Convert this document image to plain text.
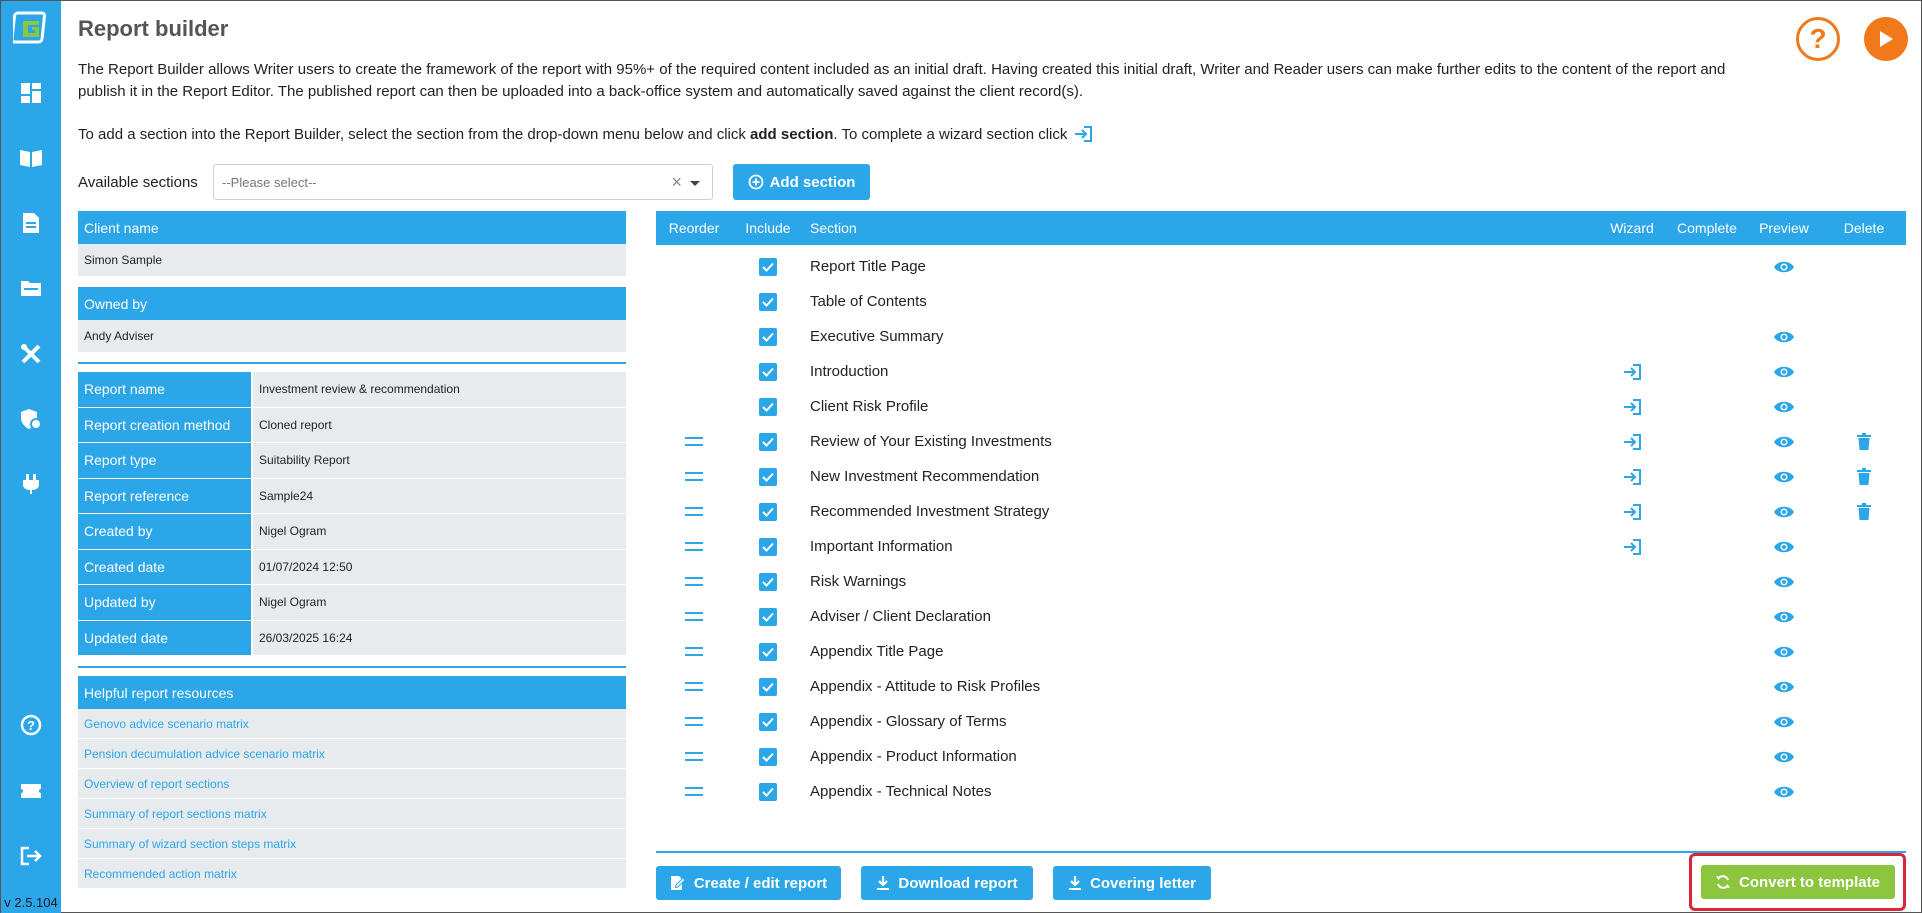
?
v 2.5.104
Report builder	?
The Report Builder allows Writer users to create the framework of the report with 95%+ of the required content included as an initial draft. Having created this initial draft, Writer and Reader users can make further edits to the content of the report and publish it in the Report Editor. The published report can then be uploaded into a back-office system and automatically saved against the client record(s).
To add a section into the Report Builder, select the section from the drop-down menu below and click add section. To complete a wizard section click
Available sections	--Please select--	×	Add section
Client name
Simon Sample
Owned by
Andy Adviser
Report name	Investment review & recommendation
Report creation method	Cloned report
Report type	Suitability Report
Report reference	Sample24
Created by	Nigel Ogram
Created date	01/07/2024 12:50
Updated by	Nigel Ogram
Updated date	26/03/2025 16:24
Helpful report resources
Genovo advice scenario matrix
Pension decumulation advice scenario matrix
Overview of report sections
Summary of report sections matrix
Summary of wizard section steps matrix
Recommended action matrix
Reorder	Include	Section	Wizard	Complete	Preview	Delete
Report Title Page
Table of Contents
Executive Summary
Introduction
Client Risk Profile
Review of Your Existing Investments
New Investment Recommendation
Recommended Investment Strategy
Important Information
Risk Warnings
Adviser / Client Declaration
Appendix Title Page
Appendix - Attitude to Risk Profiles
Appendix - Glossary of Terms
Appendix - Product Information
Appendix - Technical Notes
Create / edit report	Download report	Covering letter	Convert to template
